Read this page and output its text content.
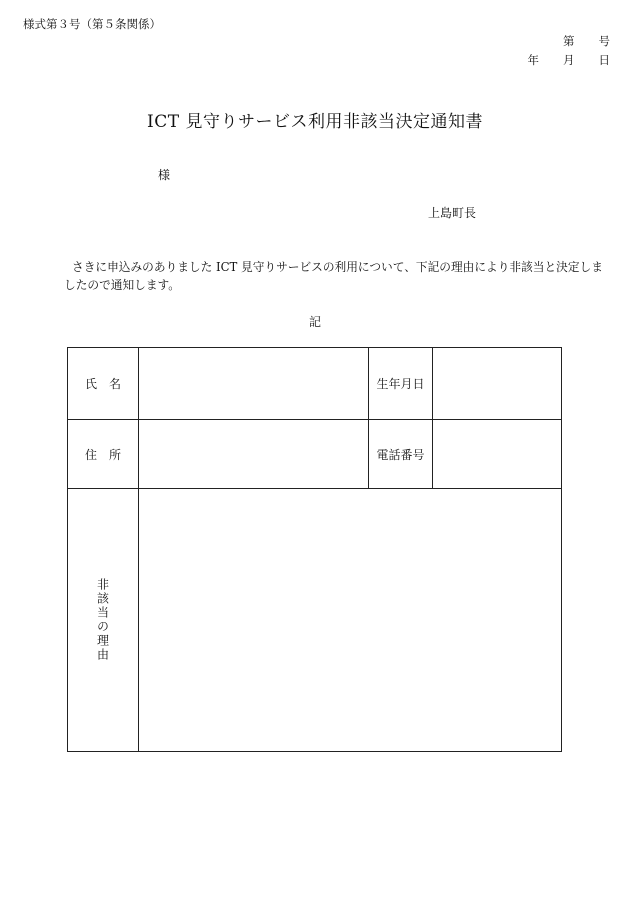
様式第３号（第５条関係）
第 号
年 月 日
ICT 見守りサービス利用非該当決定通知書
様
上島町長
さきに申込みのありました ICT 見守りサービスの利用について、下記の理由により非該当と決定しましたので通知します。
記
氏　名		生年月日	
住　所		電話番号	

非該当の理由			
